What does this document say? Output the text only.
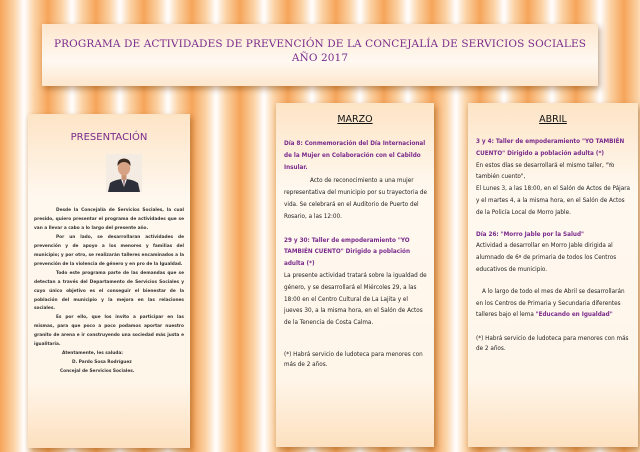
PROGRAMA DE ACTIVIDADES DE PREVENCIÓN DE LA CONCEJALÍA DE SERVICIOS SOCIALES
AÑO 2017
PRESENTACIÓN

Desde la Concejalía de Servicios Sociales, la cual presido, quiero presentar el programa de actividades que se van a llevar a cabo a lo largo del presente año.

Por un lado, se desarrollaran actividades de prevención y de apoyo a los menores y familias del municipio; y por otro, se realizarán talleres encaminados a la prevención de la violencia de género y en pro de la Igualdad.

Todo este programa parte de las demandas que se detectan a través del Departamento de Servicios Sociales y cuyo único objetivo es el conseguir el bienestar de la población del municipio y la mejora en las relaciones sociales.

Es por ello, que los invito a participar en las mismas, para que poco a poco podamos aportar nuestro granito de arena e ir construyendo una sociedad más justa e igualitaria.

Atentamente, les saluda:

D. Pardo Sosa Rodríguez

Concejal de Servicios Sociales.

MARZO

Día 8: Conmemoración del Día Internacional de la Mujer en Colaboración con el Cabildo Insular.

Acto de reconocimiento a una mujer representativa del municipio por su trayectoria de vida. Se celebrará en el Auditorio de Puerto del Rosario, a las 12:00.

29 y 30: Taller de empoderamiento "YO TAMBIÉN CUENTO" Dirigido a población adulta (*)

La presente actividad tratará sobre la igualdad de género, y se desarrollará el Miércoles 29, a las 18:00 en el Centro Cultural de La Lajita y el jueves 30, a la misma hora, en el Salón de Actos de la Tenencia de Costa Calma.

(*) Habrá servicio de ludoteca para menores con más de 2 años.

ABRIL

3 y 4: Taller de empoderamiento "YO TAMBIÉN CUENTO" Dirigido a población adulta (*)

En estos días se desarrollará el mismo taller, "Yo también cuento",

El Lunes 3, a las 18:00, en el Salón de Actos de Pájara y el martes 4, a la misma hora, en el Salón de Actos de la Policía Local de Morro Jable.

Día 26: "Morro Jable por la Salud"

Actividad a desarrollar en Morro Jable dirigida al alumnado de 6º de primaria de todos los Centros educativos de municipio.

A lo largo de todo el mes de Abril se desarrollarán en los Centros de Primaria y Secundaria diferentes talleres bajo el lema "Educando en Igualdad"

(*) Habrá servicio de ludoteca para menores con más de 2 años.
